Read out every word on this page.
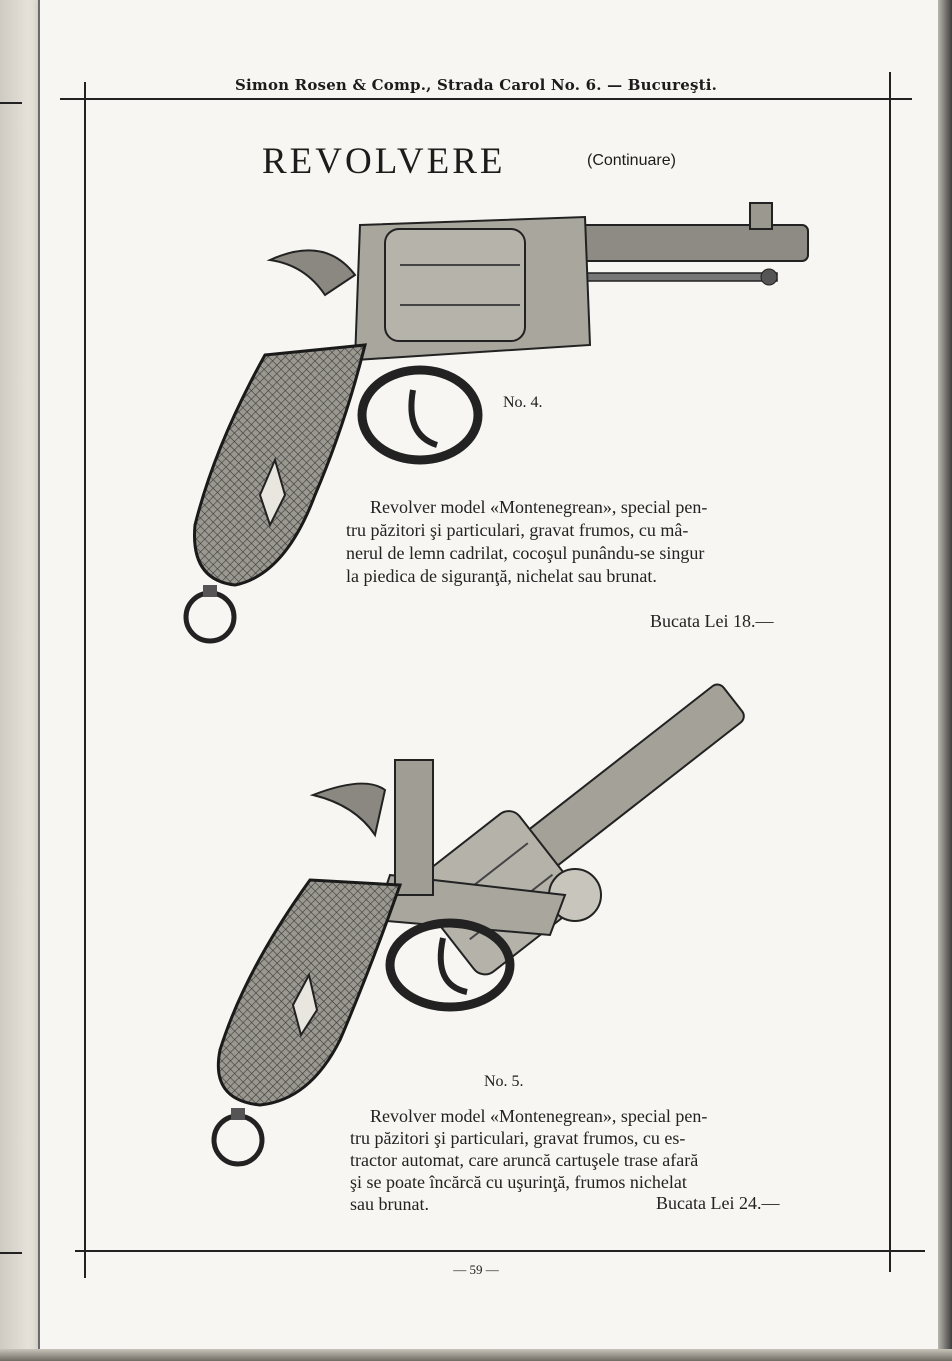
Simon Rosen & Comp., Strada Carol No. 6. — Bucureşti.
REVOLVERE	(Continuare)
No. 4.
Revolver model «Montenegrean», special pen-
tru păzitori şi particulari, gravat frumos, cu mâ-
nerul de lemn cadrilat, cocoşul punându-se singur
la piedica de siguranţă, nichelat sau brunat.
Bucata Lei 18.—
No. 5.
Revolver model «Montenegrean», special pen-
tru păzitori şi particulari, gravat frumos, cu es-
tractor automat, care aruncă cartuşele trase afară
şi se poate încărcă cu uşurinţă, frumos nichelat
sau brunat.	Bucata Lei 24.—
— 59 —
